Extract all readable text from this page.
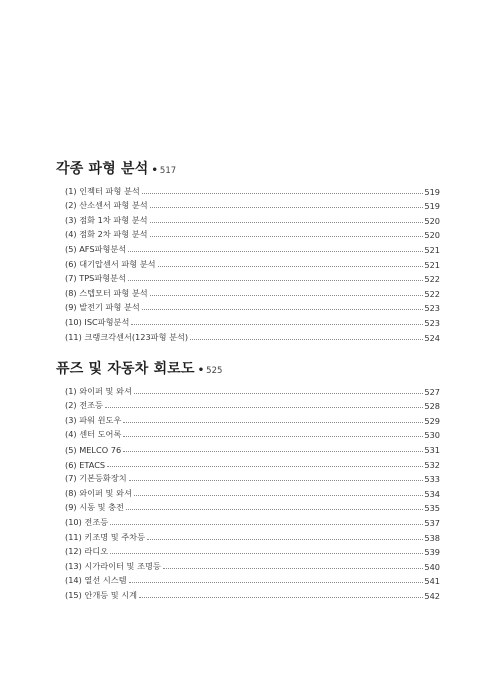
각종 파형 분석 • 517
(1) 인젝터 파형 분석	519
(2) 산소센서 파형 분석	519
(3) 점화 1차 파형 분석	520
(4) 점화 2차 파형 분석	520
(5) AFS파형분석	521
(6) 대기압센서 파형 분석	521
(7) TPS파형분석	522
(8) 스텝모터 파형 분석	522
(9) 발전기 파형 분석	523
(10) ISC파형분석	523
(11) 크랭크각센서(123파형 분석)	524
퓨즈 및 자동차 회로도 • 525
(1) 와이퍼 및 와셔	527
(2) 전조등	528
(3) 파워 윈도우	529
(4) 센터 도어록	530
(5) MELCO 76	531
(6) ETACS	532
(7) 기본등화장치	533
(8) 와이퍼 및 와셔	534
(9) 시동 및 충전	535
(10) 전조등	537
(11) 키조명 및 주차등	538
(12) 라디오	539
(13) 시가라이터 및 조명등	540
(14) 열선 시스템	541
(15) 안개등 및 시계	542
